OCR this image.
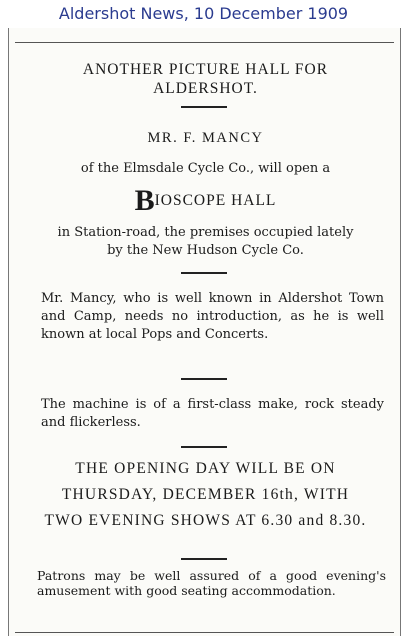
Aldershot News, 10 December 1909
ANOTHER PICTURE HALL FOR
ALDERSHOT.
MR. F. MANCY
of the Elmsdale Cycle Co., will open a
BIOSCOPE HALL
in Station-road, the premises occupied lately
by the New Hudson Cycle Co.
Mr. Mancy, who is well known in Aldershot Town and Camp, needs no introduction, as he is well known at local Pops and Concerts.
The machine is of a first-class make, rock steady and flickerless.
THE OPENING DAY WILL BE ON
THURSDAY, DECEMBER 16th, WITH
TWO EVENING SHOWS AT 6.30 and 8.30.
Patrons may be well assured of a good evening's amusement with good seating accommodation.
